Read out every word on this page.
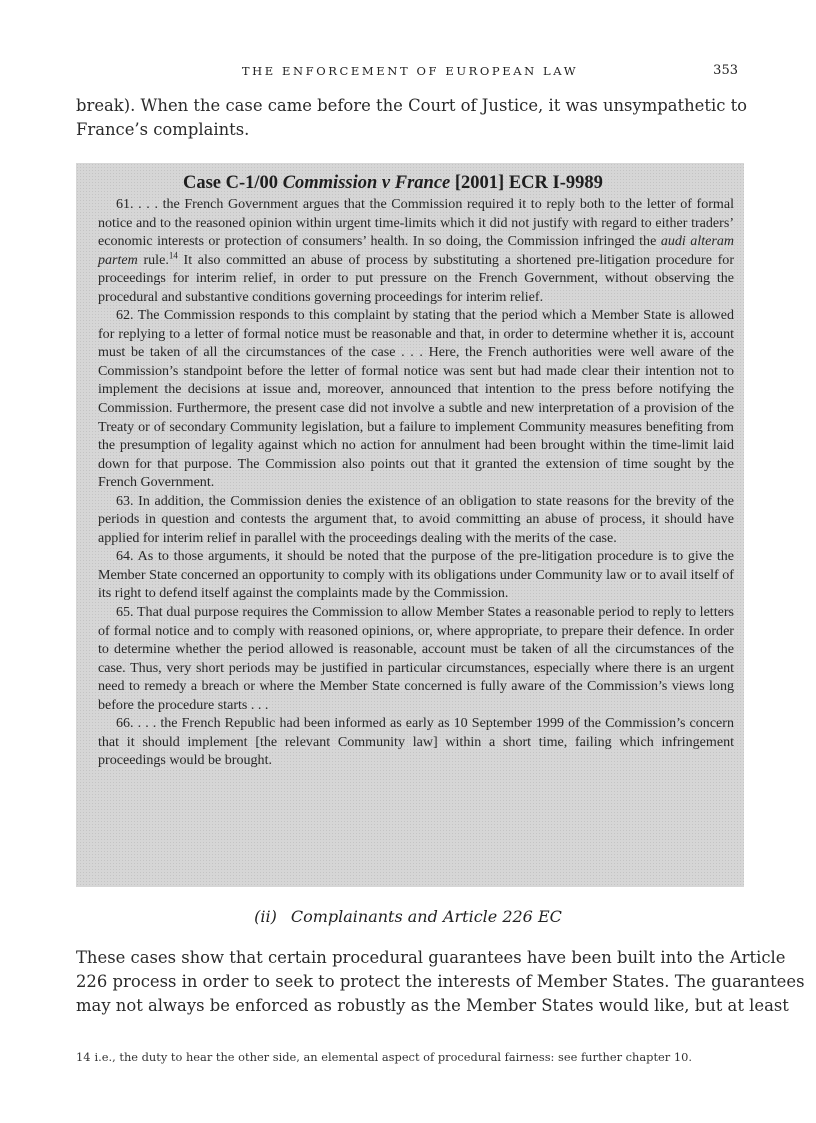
THE ENFORCEMENT OF EUROPEAN LAW	353
break). When the case came before the Court of Justice, it was unsympathetic to
France’s complaints.
Case C-1/00 Commission v France [2001] ECR I-9989

61. . . . the French Government argues that the Commission required it to reply both to the letter of formal notice and to the reasoned opinion within urgent time-limits which it did not justify with regard to either traders’ economic interests or protection of consumers’ health. In so doing, the Commission infringed the audi alteram partem rule.$^{14}$ It also committed an abuse of process by substituting a shortened pre-litigation procedure for proceedings for interim relief, in order to put pressure on the French Government, without observing the procedural and substantive conditions governing proceedings for interim relief.

62. The Commission responds to this complaint by stating that the period which a Member State is allowed for replying to a letter of formal notice must be reasonable and that, in order to determine whether it is, account must be taken of all the circumstances of the case . . . Here, the French authorities were well aware of the Commission’s standpoint before the letter of formal notice was sent but had made clear their intention not to implement the decisions at issue and, moreover, announced that intention to the press before notifying the Commission. Furthermore, the present case did not involve a subtle and new interpretation of a provision of the Treaty or of secondary Community legislation, but a failure to implement Community measures benefiting from the presumption of legality against which no action for annulment had been brought within the time-limit laid down for that purpose. The Commission also points out that it granted the extension of time sought by the French Government.

63. In addition, the Commission denies the existence of an obligation to state reasons for the brevity of the periods in question and contests the argument that, to avoid committing an abuse of process, it should have applied for interim relief in parallel with the proceedings dealing with the merits of the case.

64. As to those arguments, it should be noted that the purpose of the pre-litigation procedure is to give the Member State concerned an opportunity to comply with its obligations under Community law or to avail itself of its right to defend itself against the complaints made by the Commission.

65. That dual purpose requires the Commission to allow Member States a reasonable period to reply to letters of formal notice and to comply with reasoned opinions, or, where appropriate, to prepare their defence. In order to determine whether the period allowed is reasonable, account must be taken of all the circumstances of the case. Thus, very short periods may be justified in particular circumstances, especially where there is an urgent need to remedy a breach or where the Member State concerned is fully aware of the Commission’s views long before the procedure starts . . .

66. . . . the French Republic had been informed as early as 10 September 1999 of the Commission’s concern that it should implement [the relevant Community law] within a short time, failing which infringement proceedings would be brought.

(ii) Complainants and Article 226 EC
These cases show that certain procedural guarantees have been built into the Article
226 process in order to seek to protect the interests of Member States. The guarantees
may not always be enforced as robustly as the Member States would like, but at least
14 i.e., the duty to hear the other side, an elemental aspect of procedural fairness: see further chapter 10.
